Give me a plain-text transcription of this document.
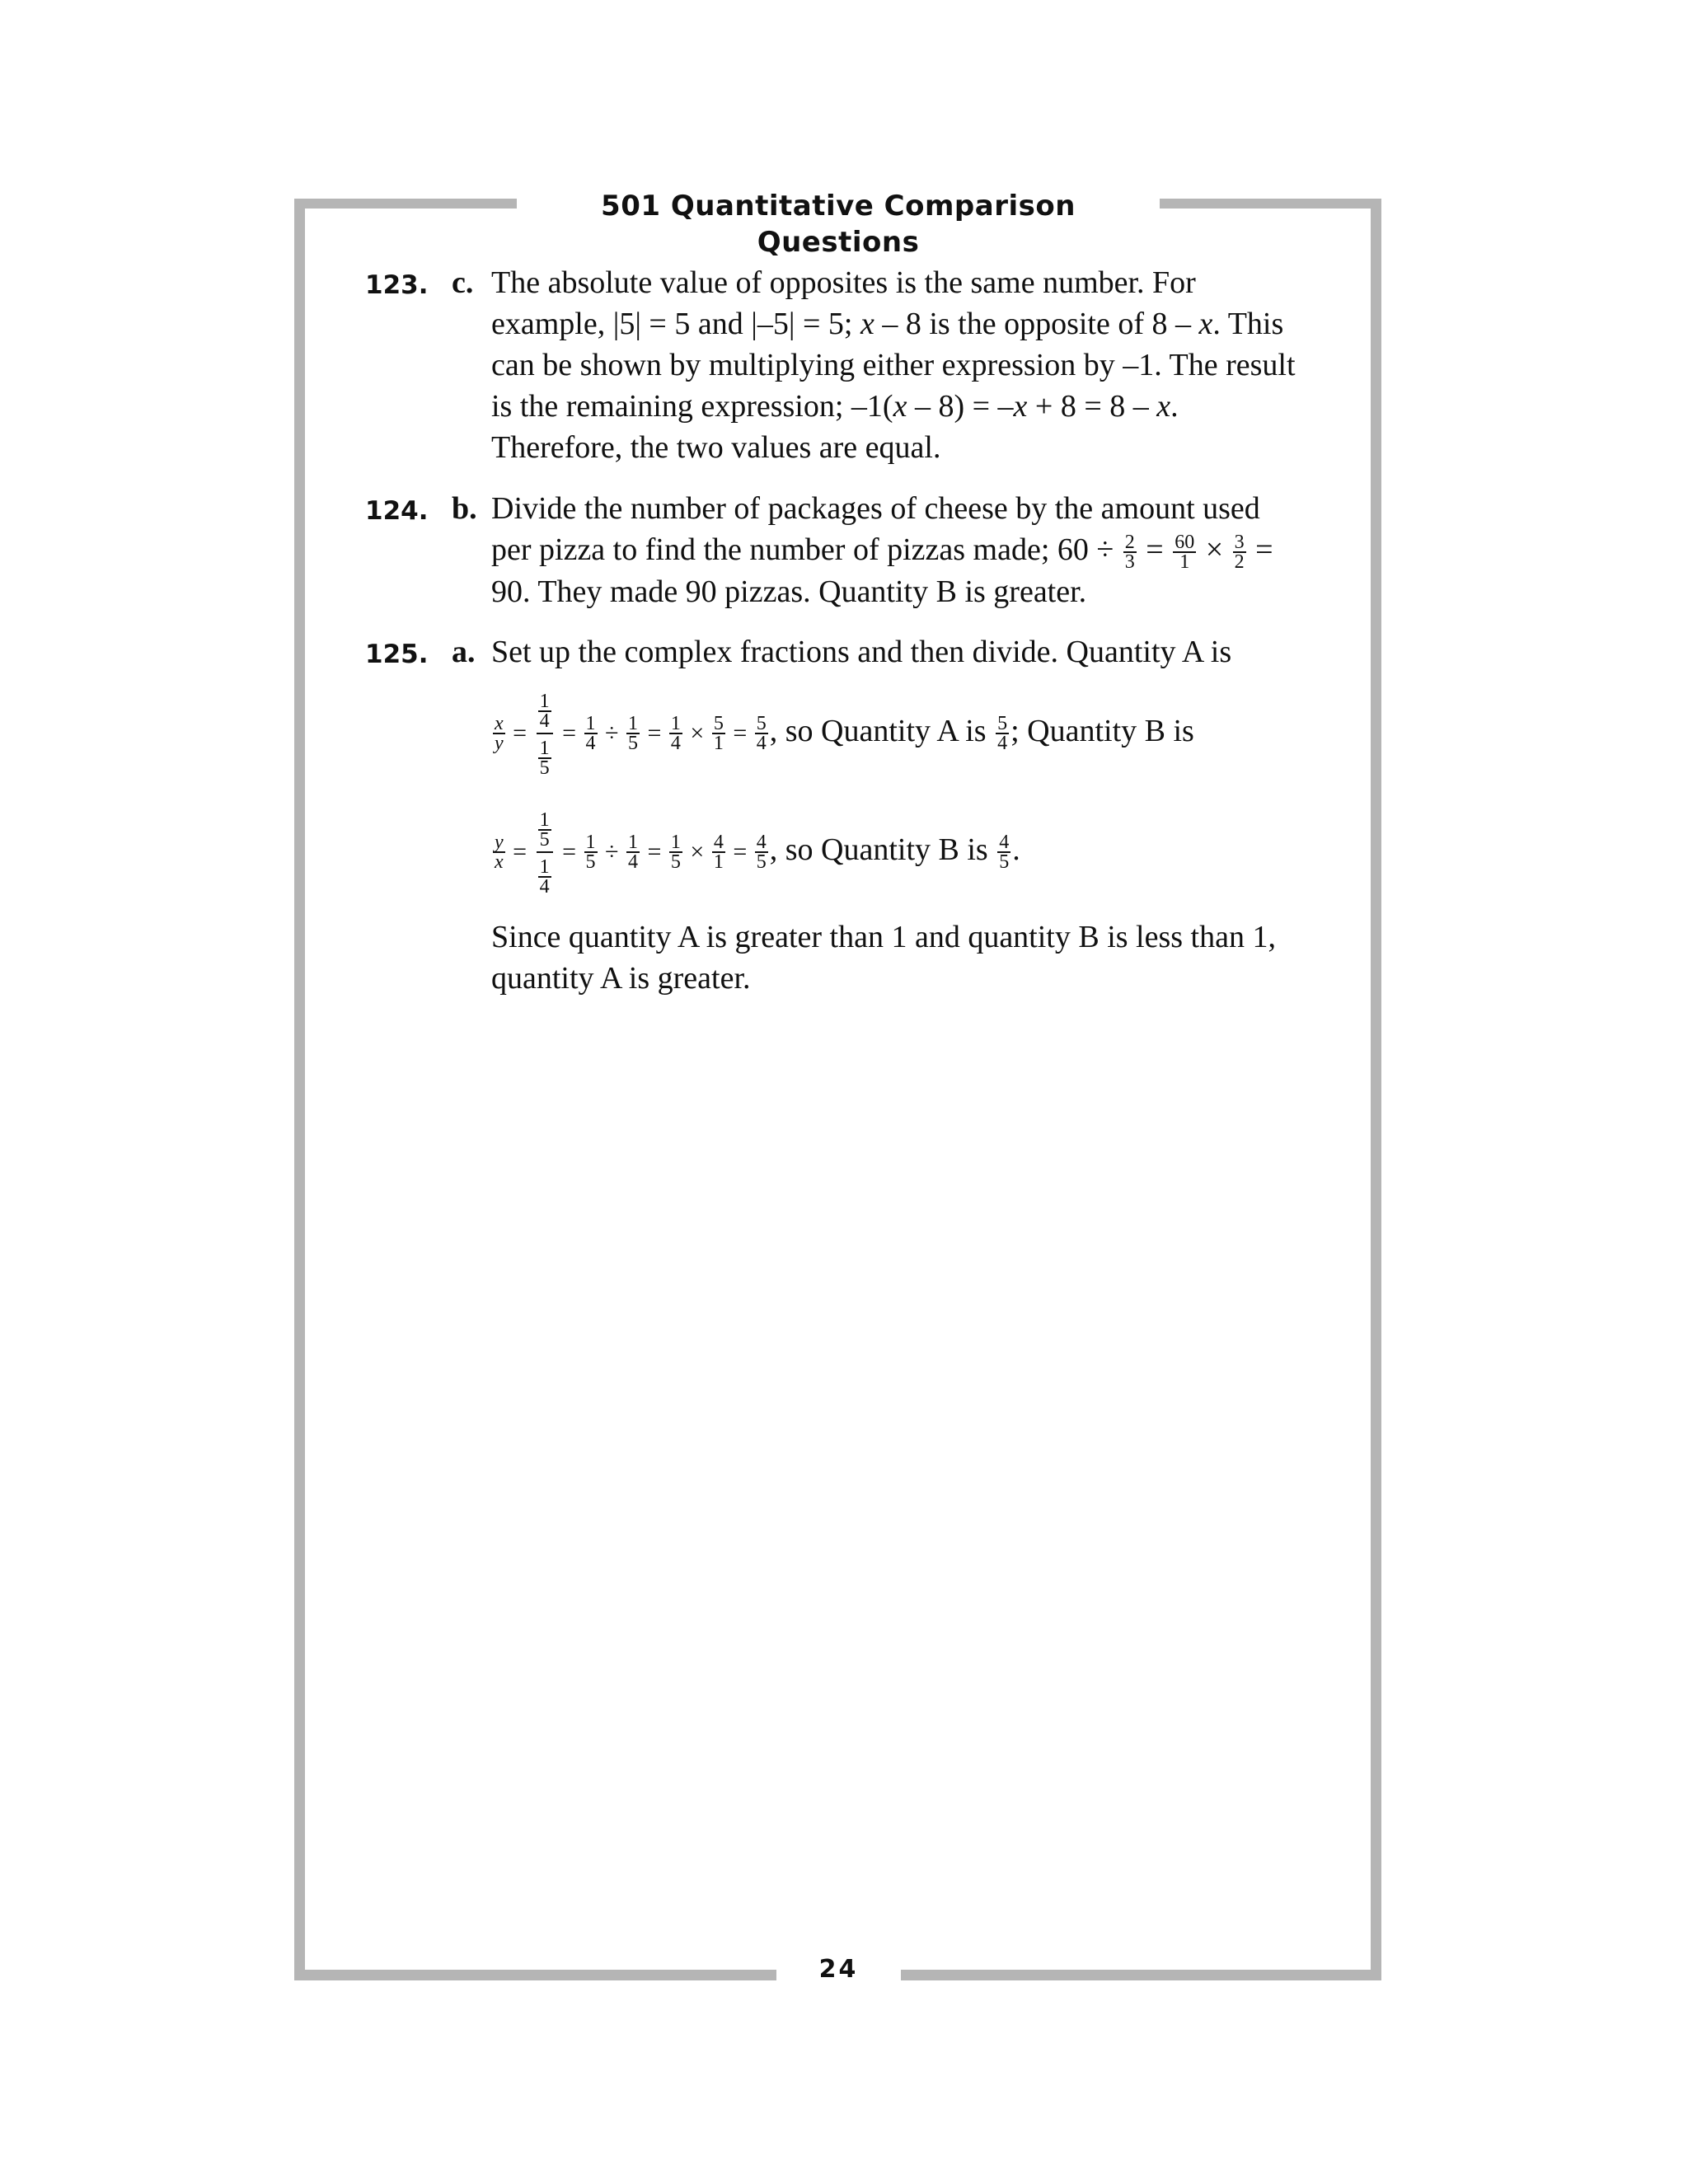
501 Quantitative Comparison Questions
24
123. c. The absolute value of opposites is the same number. For
example, |5| = 5 and |–5| = 5; x – 8 is the opposite of 8 – x. This
can be shown by multiplying either expression by –1. The result
is the remaining expression; –1(x – 8) = –x + 8 = 8 – x.
Therefore, the two values are equal.
124. b. Divide the number of packages of cheese by the amount used
per pizza to find the number of pizzas made; $60 \div \frac{2}{3} = \frac{60}{1} \times \frac{3}{2}$ =
90. They made 90 pizzas. Quantity B is greater.
125. a. Set up the complex fractions and then divide. Quantity A is
$\frac{x}{y} = \frac{\frac{1}{4}}{\frac{1}{5}} = \frac{1}{4} \div \frac{1}{5} = \frac{1}{4} \times \frac{5}{1} = \frac{5}{4}$ , so Quantity A is $\frac{5}{4}$ ; Quantity B is
$\frac{y}{x} = \frac{\frac{1}{5}}{\frac{1}{4}} = \frac{1}{5} \div \frac{1}{4} = \frac{1}{5} \times \frac{4}{1} = \frac{4}{5}$ , so Quantity B is $\frac{4}{5}$ .
Since quantity A is greater than 1 and quantity B is less than 1,
quantity A is greater.
